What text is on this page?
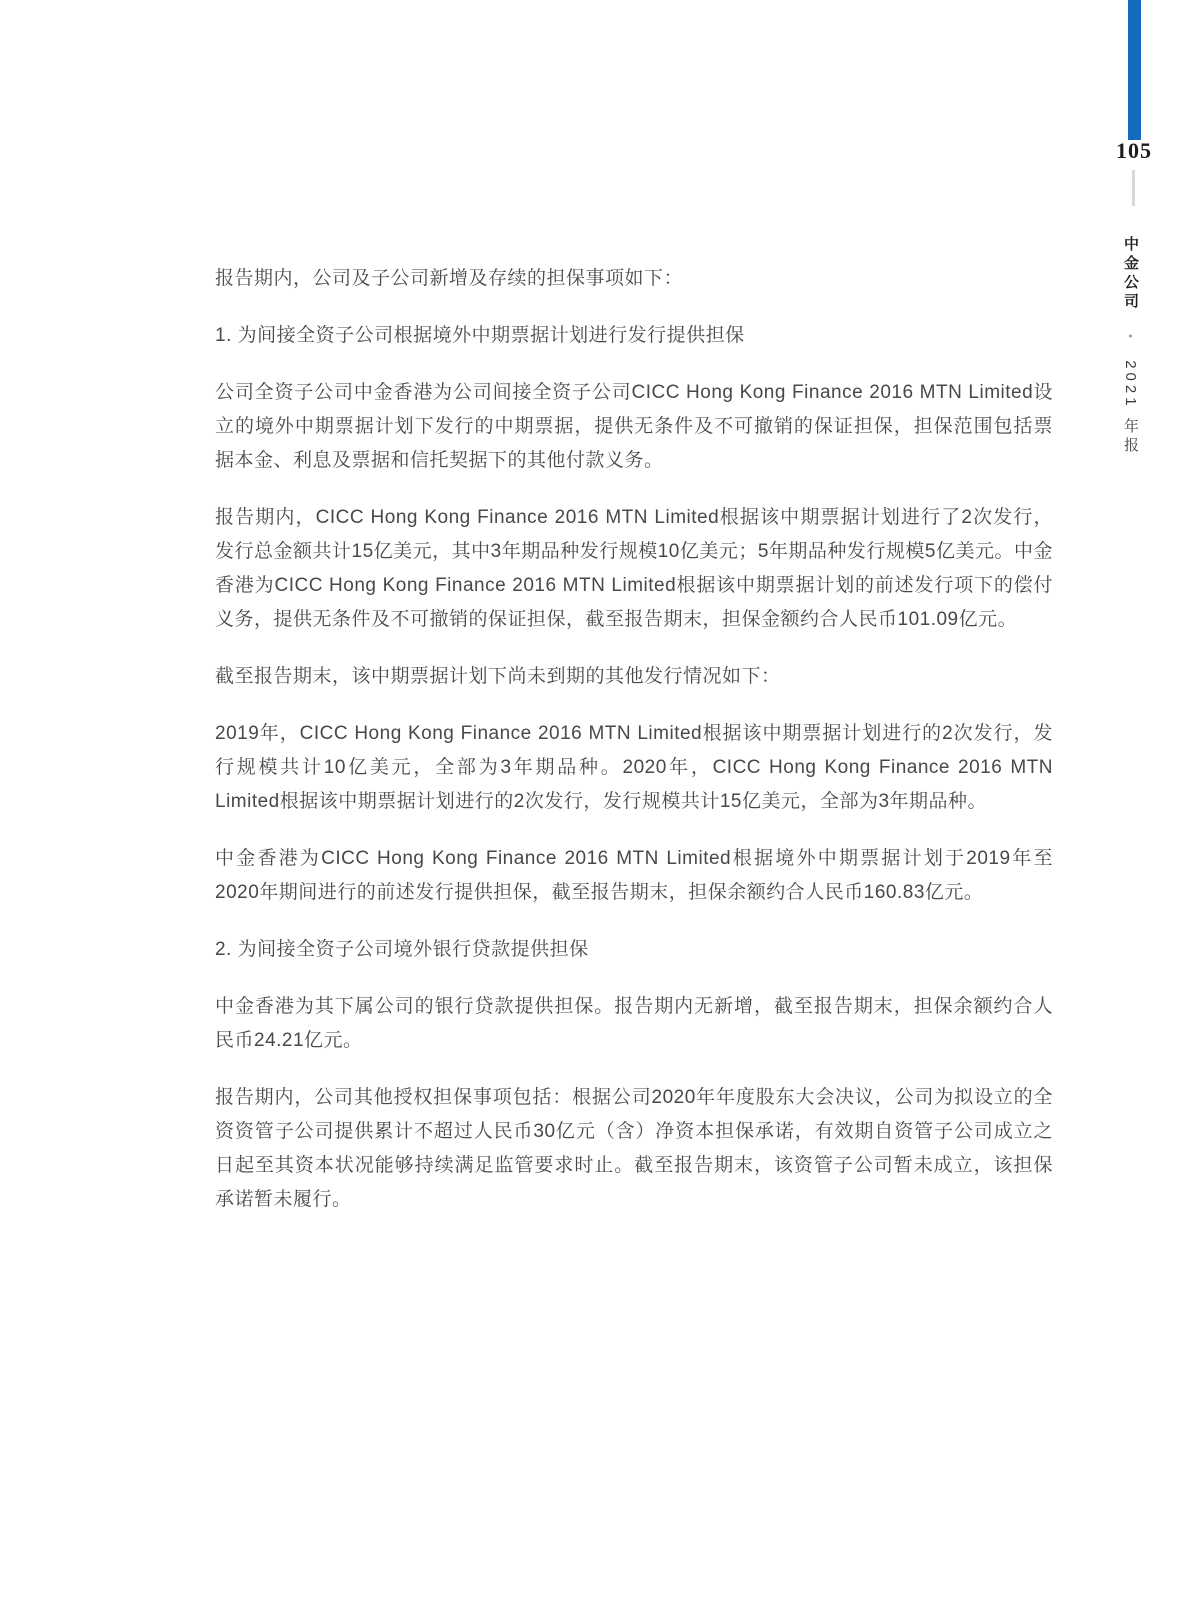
105
中金公司 • 2021 年报

报告期内，公司及子公司新增及存续的担保事项如下：

1. 为间接全资子公司根据境外中期票据计划进行发行提供担保

公司全资子公司中金香港为公司间接全资子公司CICC Hong Kong Finance 2016 MTN Limited设立的境外中期票据计划下发行的中期票据，提供无条件及不可撤销的保证担保，担保范围包括票据本金、利息及票据和信托契据下的其他付款义务。

报告期内，CICC Hong Kong Finance 2016 MTN Limited根据该中期票据计划进行了2次发行，发行总金额共计15亿美元，其中3年期品种发行规模10亿美元；5年期品种发行规模5亿美元。中金香港为CICC Hong Kong Finance 2016 MTN Limited根据该中期票据计划的前述发行项下的偿付义务，提供无条件及不可撤销的保证担保，截至报告期末，担保金额约合人民币101.09亿元。

截至报告期末，该中期票据计划下尚未到期的其他发行情况如下：

2019年，CICC Hong Kong Finance 2016 MTN Limited根据该中期票据计划进行的2次发行，发行规模共计10亿美元，全部为3年期品种。2020年，CICC Hong Kong Finance 2016 MTN Limited根据该中期票据计划进行的2次发行，发行规模共计15亿美元，全部为3年期品种。

中金香港为CICC Hong Kong Finance 2016 MTN Limited根据境外中期票据计划于2019年至2020年期间进行的前述发行提供担保，截至报告期末，担保余额约合人民币160.83亿元。

2. 为间接全资子公司境外银行贷款提供担保

中金香港为其下属公司的银行贷款提供担保。报告期内无新增，截至报告期末，担保余额约合人民币24.21亿元。

报告期内，公司其他授权担保事项包括：根据公司2020年年度股东大会决议，公司为拟设立的全资资管子公司提供累计不超过人民币30亿元（含）净资本担保承诺，有效期自资管子公司成立之日起至其资本状况能够持续满足监管要求时止。截至报告期末，该资管子公司暂未成立，该担保承诺暂未履行。
